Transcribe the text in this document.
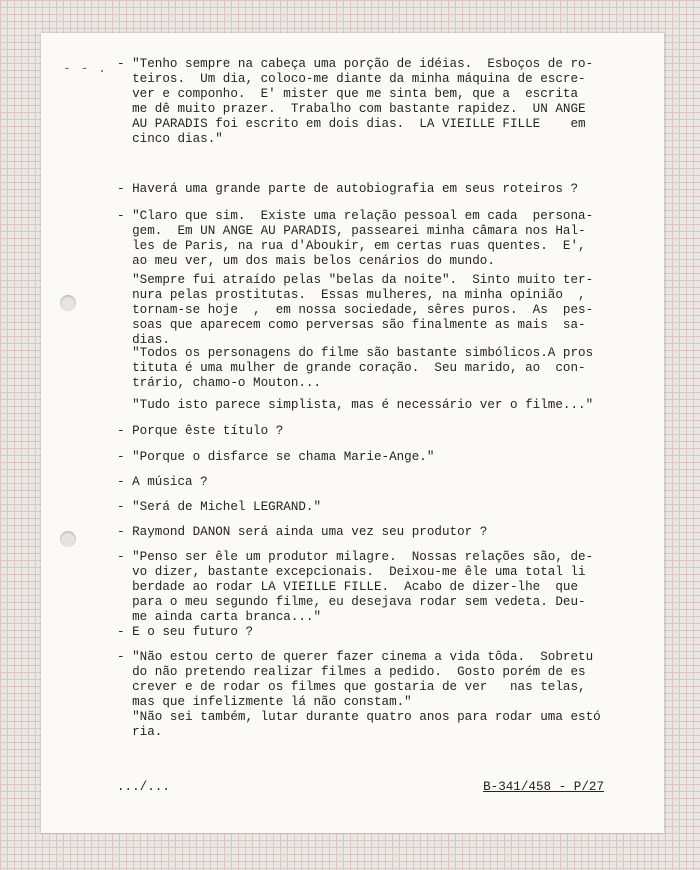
- - . - "Tenho sempre na cabeça uma porção de idéias.  Esboços de ro-
teiros.  Um dia, coloco-me diante da minha máquina de escre-
ver e componho.  E' mister que me sinta bem, que a  escrita
me dê muito prazer.  Trabalho com bastante rapidez.  UN ANGE
AU PARADIS foi escrito em dois dias.  LA VIEILLE FILLE    em
cinco dias."
- Haverá uma grande parte de autobiografia em seus roteiros ?
- "Claro que sim.  Existe uma relação pessoal em cada  persona-
gem.  Em UN ANGE AU PARADIS, passearei minha câmara nos Hal-
les de Paris, na rua d'Aboukir, em certas ruas quentes.  E',
ao meu ver, um dos mais belos cenários do mundo.
"Sempre fui atraído pelas "belas da noite".  Sinto muito ter-
nura pelas prostitutas.  Essas mulheres, na minha opinião  ,
tornam-se hoje  ,  em nossa sociedade, sêres puros.  As  pes-
soas que aparecem como perversas são finalmente as mais  sa-
dias.
"Todos os personagens do filme são bastante simbólicos.A pros
tituta é uma mulher de grande coração.  Seu marido, ao  con-
trário, chamo-o Mouton...
"Tudo isto parece simplista, mas é necessário ver o filme..."
- Porque êste título ?
- "Porque o disfarce se chama Marie-Ange."
- A música ?
- "Será de Michel LEGRAND."
- Raymond DANON será ainda uma vez seu produtor ?
- "Penso ser êle um produtor milagre.  Nossas relações são, de-
vo dizer, bastante excepcionais.  Deixou-me êle uma total li
berdade ao rodar LA VIEILLE FILLE.  Acabo de dizer-lhe  que
para o meu segundo filme, eu desejava rodar sem vedeta. Deu-
me ainda carta branca..."
- E o seu futuro ?
- "Não estou certo de querer fazer cinema a vida tôda.  Sobretu
do não pretendo realizar filmes a pedido.  Gosto porém de es
crever e de rodar os filmes que gostaria de ver   nas telas,
mas que infelizmente lá não constam."
"Não sei também, lutar durante quatro anos para rodar uma estó
ria.
.../...	B-341/458 - P/27
